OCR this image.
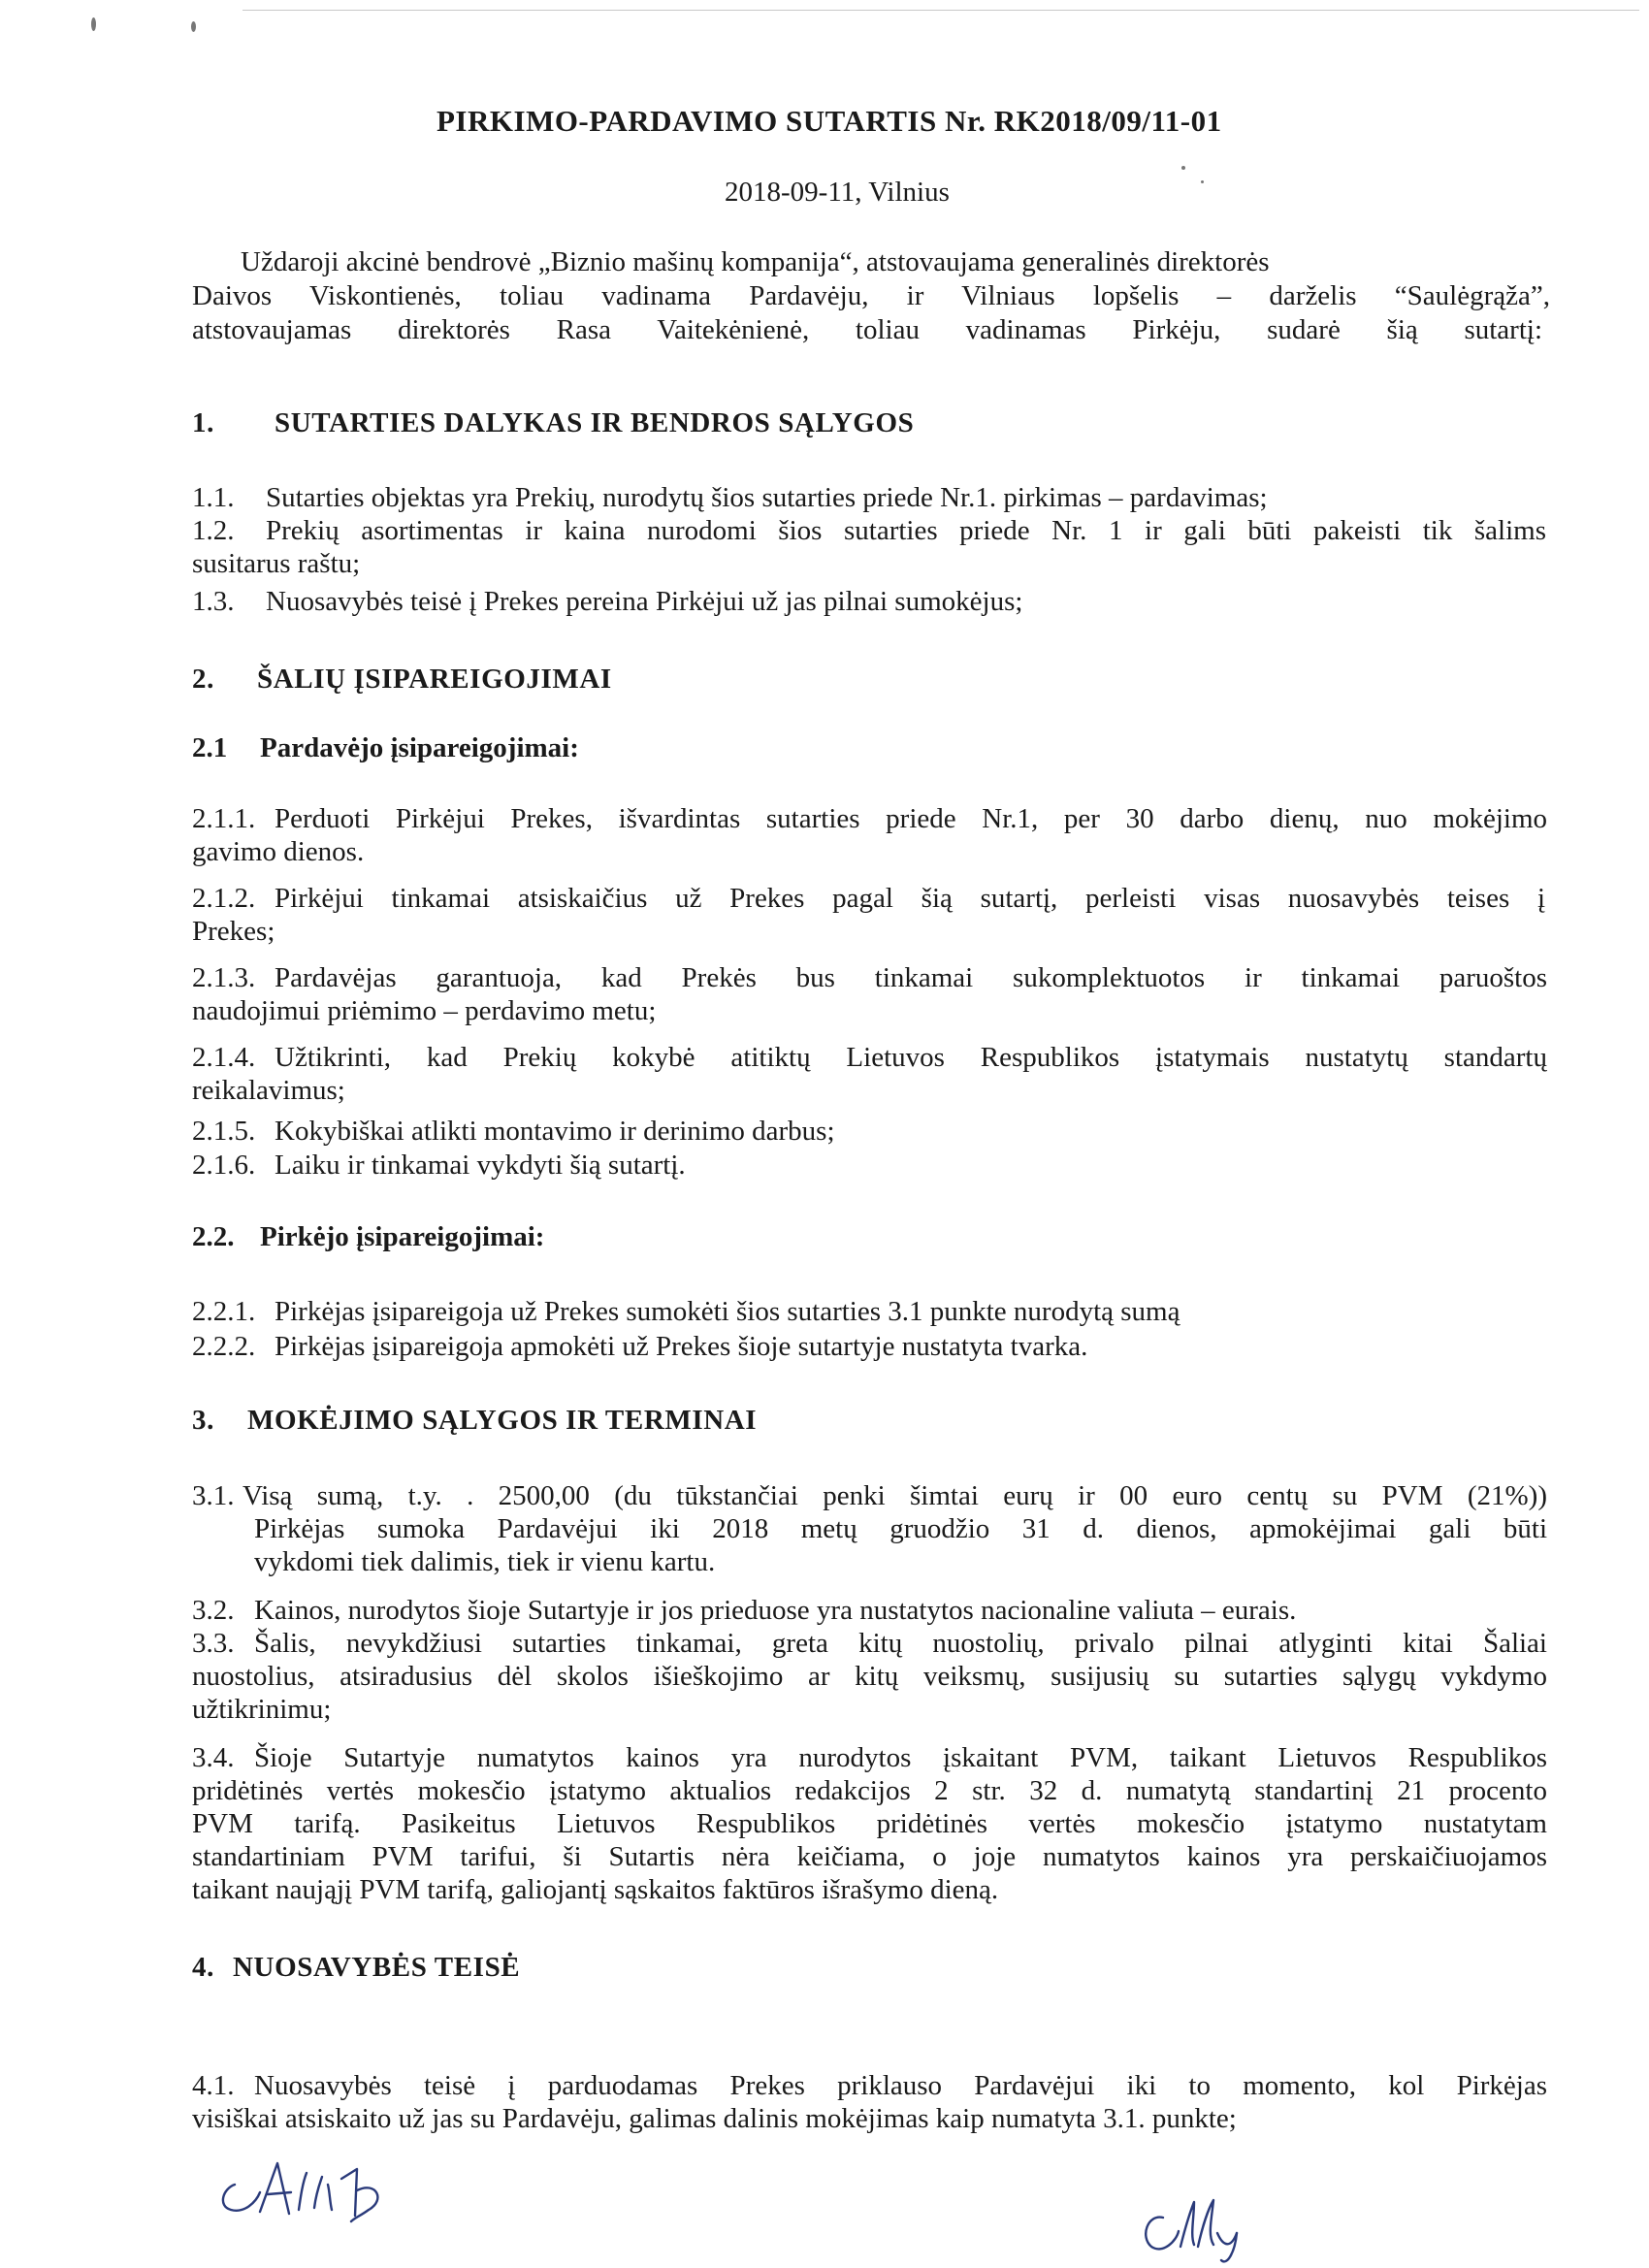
PIRKIMO-PARDAVIMO SUTARTIS Nr. RK2018/09/11-01
2018-09-11, Vilnius
Uždaroji akcinė bendrovė „Biznio mašinų kompanija“, atstovaujama generalinės direktorės
Daivos Viskontienės, toliau vadinama Pardavėju, ir Vilniaus lopšelis – darželis “Saulėgrąža”,
atstovaujamas direktorės Rasa Vaitekėnienė, toliau vadinamas Pirkėju, sudarė šią sutartį:
1. SUTARTIES DALYKAS IR BENDROS SĄLYGOS
1.1. Sutarties objektas yra Prekių, nurodytų šios sutarties priede Nr.1. pirkimas – pardavimas;
1.2. Prekių asortimentas ir kaina nurodomi šios sutarties priede Nr. 1 ir gali būti pakeisti tik šalims
susitarus raštu;
1.3. Nuosavybės teisė į Prekes pereina Pirkėjui už jas pilnai sumokėjus;
2. ŠALIŲ ĮSIPAREIGOJIMAI
2.1 Pardavėjo įsipareigojimai:
2.1.1. Perduoti Pirkėjui Prekes, išvardintas sutarties priede Nr.1, per 30 darbo dienų, nuo mokėjimo
gavimo dienos.
2.1.2. Pirkėjui tinkamai atsiskaičius už Prekes pagal šią sutartį, perleisti visas nuosavybės teises į
Prekes;
2.1.3. Pardavėjas garantuoja, kad Prekės bus tinkamai sukomplektuotos ir tinkamai paruoštos
naudojimui priėmimo – perdavimo metu;
2.1.4. Užtikrinti, kad Prekių kokybė atitiktų Lietuvos Respublikos įstatymais nustatytų standartų
reikalavimus;
2.1.5. Kokybiškai atlikti montavimo ir derinimo darbus;
2.1.6. Laiku ir tinkamai vykdyti šią sutartį.
2.2. Pirkėjo įsipareigojimai:
2.2.1. Pirkėjas įsipareigoja už Prekes sumokėti šios sutarties 3.1 punkte nurodytą sumą
2.2.2. Pirkėjas įsipareigoja apmokėti už Prekes šioje sutartyje nustatyta tvarka.
3. MOKĖJIMO SĄLYGOS IR TERMINAI
3.1. Visą sumą, t.y. . 2500,00 (du tūkstančiai penki šimtai eurų ir 00 euro centų su PVM (21%))
Pirkėjas sumoka Pardavėjui iki 2018 metų gruodžio 31 d. dienos, apmokėjimai gali būti
vykdomi tiek dalimis, tiek ir vienu kartu.
3.2. Kainos, nurodytos šioje Sutartyje ir jos prieduose yra nustatytos nacionaline valiuta – eurais.
3.3. Šalis, nevykdžiusi sutarties tinkamai, greta kitų nuostolių, privalo pilnai atlyginti kitai Šaliai
nuostolius, atsiradusius dėl skolos išieškojimo ar kitų veiksmų, susijusių su sutarties sąlygų vykdymo
užtikrinimu;
3.4. Šioje Sutartyje numatytos kainos yra nurodytos įskaitant PVM, taikant Lietuvos Respublikos
pridėtinės vertės mokesčio įstatymo aktualios redakcijos 2 str. 32 d. numatytą standartinį 21 procento
PVM tarifą. Pasikeitus Lietuvos Respublikos pridėtinės vertės mokesčio įstatymo nustatytam
standartiniam PVM tarifui, ši Sutartis nėra keičiama, o joje numatytos kainos yra perskaičiuojamos
taikant naująjį PVM tarifą, galiojantį sąskaitos faktūros išrašymo dieną.
4. NUOSAVYBĖS TEISĖ
4.1. Nuosavybės teisė į parduodamas Prekes priklauso Pardavėjui iki to momento, kol Pirkėjas
visiškai atsiskaito už jas su Pardavėju, galimas dalinis mokėjimas kaip numatyta 3.1. punkte;
